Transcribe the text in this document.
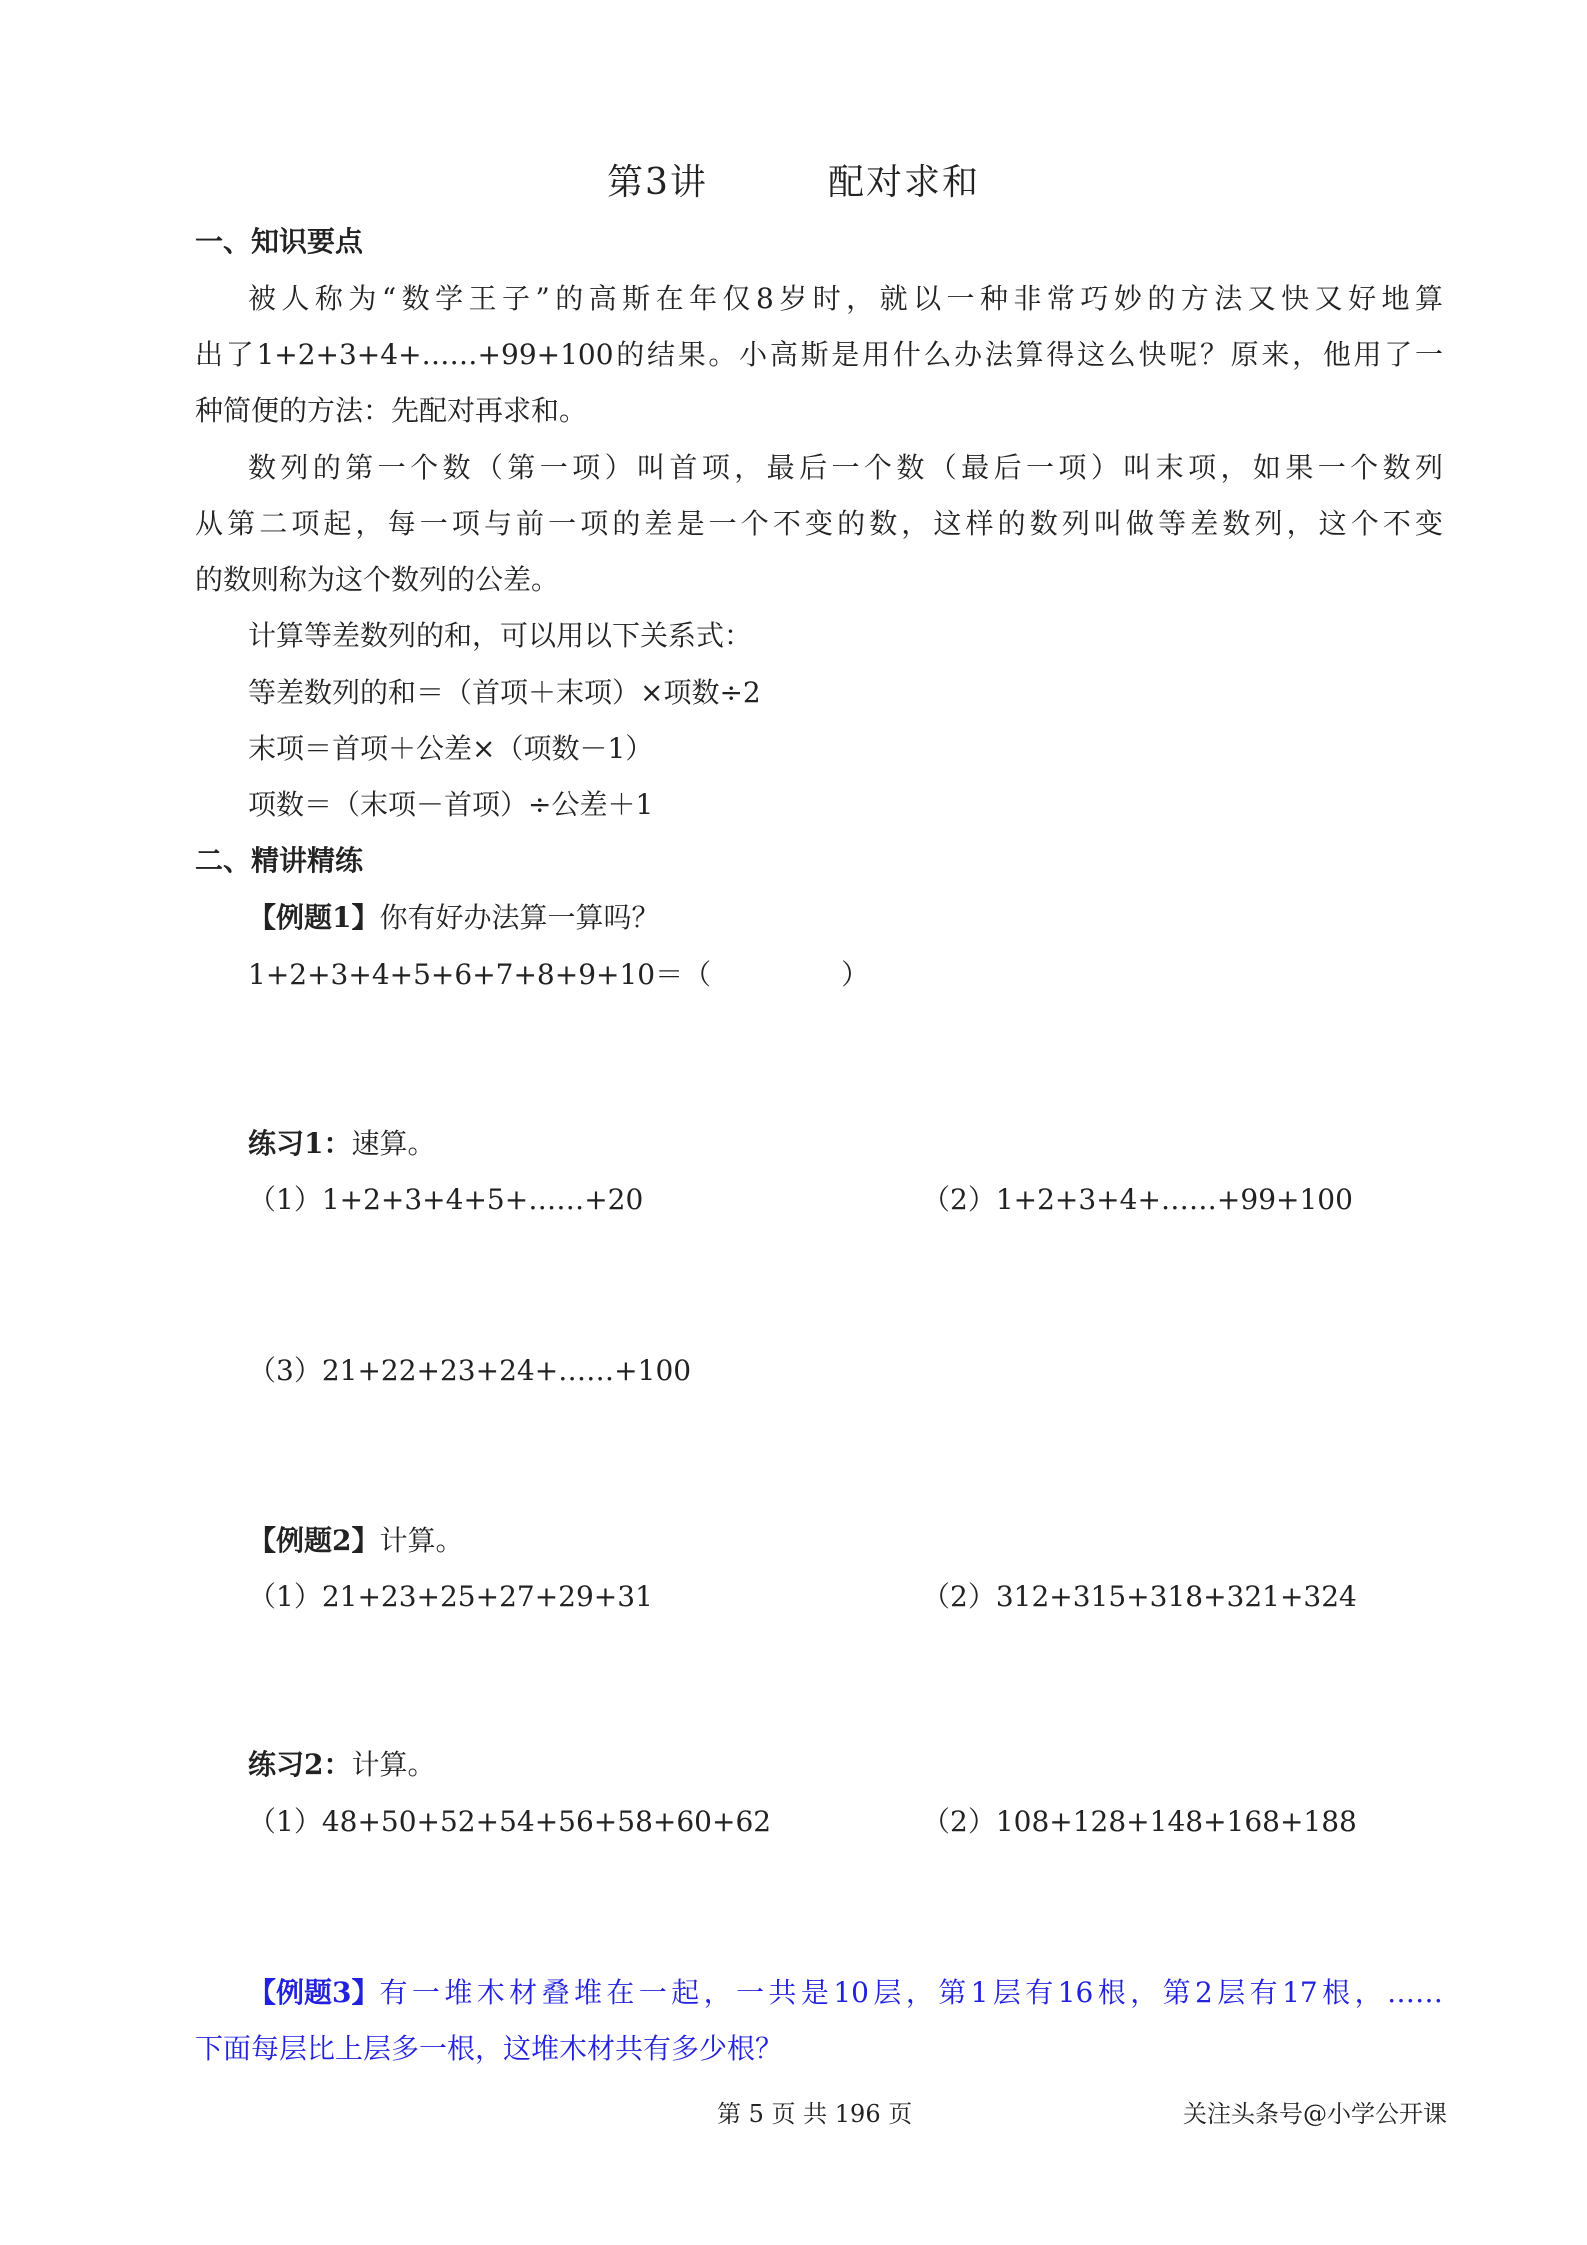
第3讲	配对求和
一、知识要点
被人称为“数学王子”的高斯在年仅8岁时，就以一种非常巧妙的方法又快又好地算
出了1+2+3+4+……+99+100的结果。小高斯是用什么办法算得这么快呢？原来，他用了一
种简便的方法：先配对再求和。
数列的第一个数（第一项）叫首项，最后一个数（最后一项）叫末项，如果一个数列
从第二项起，每一项与前一项的差是一个不变的数，这样的数列叫做等差数列，这个不变
的数则称为这个数列的公差。
计算等差数列的和，可以用以下关系式：
等差数列的和＝（首项＋末项）×项数÷2
末项＝首项＋公差×（项数－1）
项数＝（末项－首项）÷公差＋1
二、精讲精练
【例题1】你有好办法算一算吗？
1+2+3+4+5+6+7+8+9+10＝（	）
练习1：速算。
（1）1+2+3+4+5+……+20	（2）1+2+3+4+……+99+100
（3）21+22+23+24+……+100
【例题2】计算。
（1）21+23+25+27+29+31	（2）312+315+318+321+324
练习2：计算。
（1）48+50+52+54+56+58+60+62	（2）108+128+148+168+188
【例题3】 有一堆木材叠堆在一起，一共是10层，第1层有16根，第2层有17根，……
下面每层比上层多一根，这堆木材共有多少根？
第 5 页 共 196 页	关注头条号@小学公开课
